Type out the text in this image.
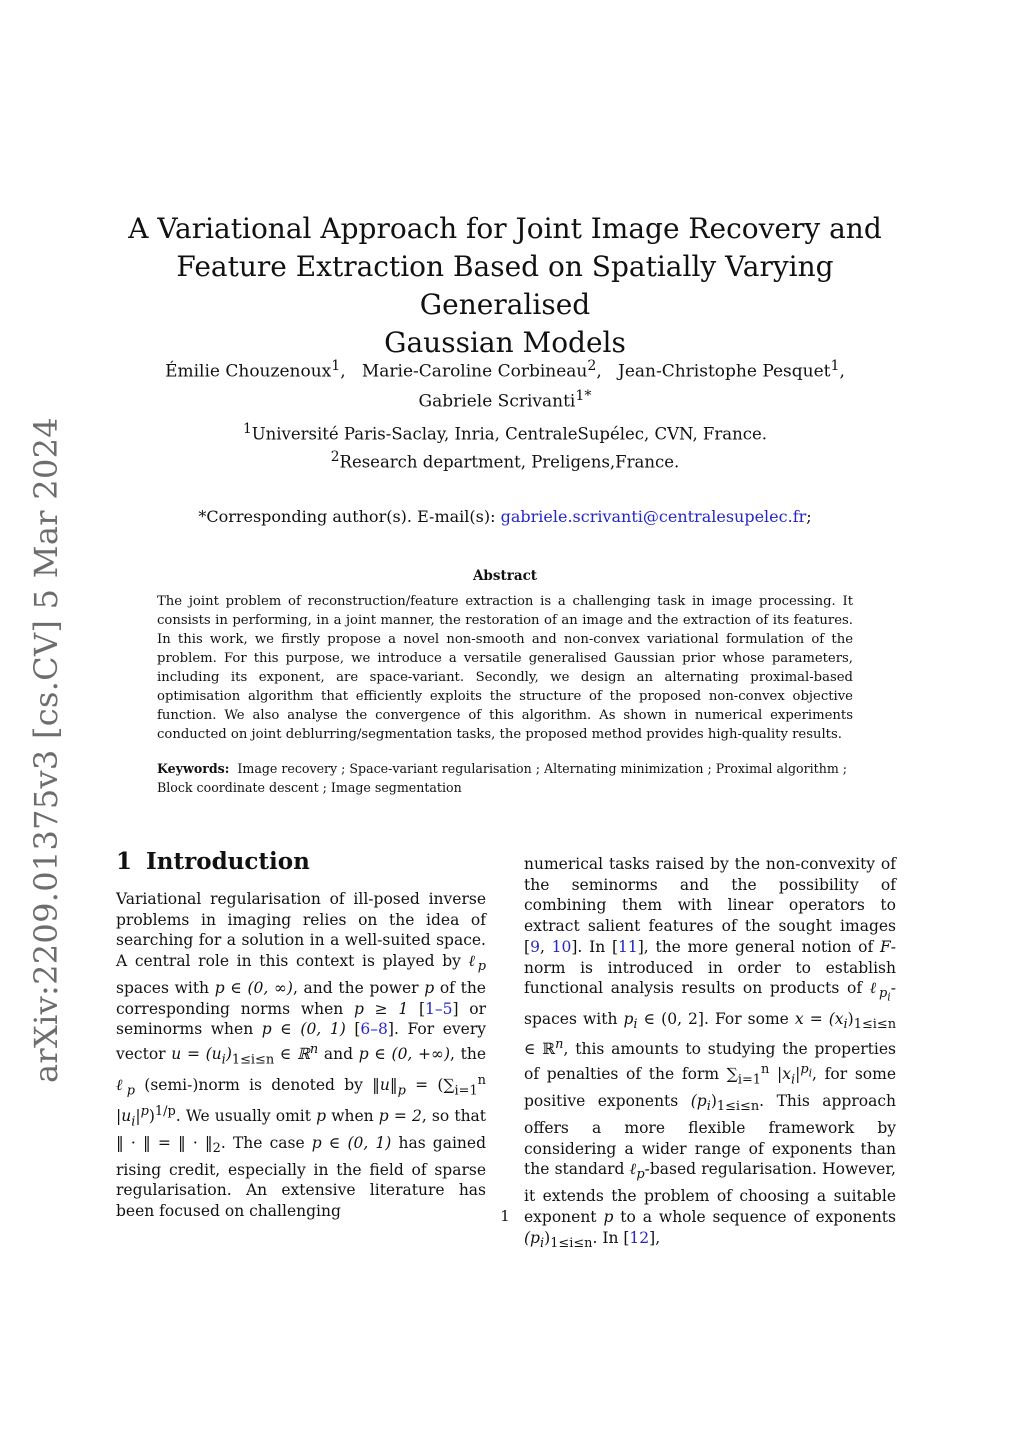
arXiv:2209.01375v3 [cs.CV] 5 Mar 2024
A Variational Approach for Joint Image Recovery and
Feature Extraction Based on Spatially Varying Generalised
Gaussian Models
Émilie Chouzenoux$^1$,   Marie-Caroline Corbineau$^2$,   Jean-Christophe Pesquet$^1$,
Gabriele Scrivanti$^{1*}$
$^1$Université Paris-Saclay, Inria, CentraleSupélec, CVN, France.
$^2$Research department, Preligens,France.
*Corresponding author(s). E-mail(s): gabriele.scrivanti@centralesupelec.fr;
Abstract
The joint problem of reconstruction/feature extraction is a challenging task in image processing. It consists in performing, in a joint manner, the restoration of an image and the extraction of its features. In this work, we firstly propose a novel non-smooth and non-convex variational formulation of the problem. For this purpose, we introduce a versatile generalised Gaussian prior whose parameters, including its exponent, are space-variant. Secondly, we design an alternating proximal-based optimisation algorithm that efficiently exploits the structure of the proposed non-convex objective function. We also analyse the convergence of this algorithm. As shown in numerical experiments conducted on joint deblurring/segmentation tasks, the proposed method provides high-quality results.
Keywords: Image recovery ; Space-variant regularisation ; Alternating minimization ; Proximal algorithm ; Block coordinate descent ; Image segmentation
1 Introduction
Variational regularisation of ill-posed inverse problems in imaging relies on the idea of searching for a solution in a well-suited space. A central role in this context is played by ℓ$_p$ spaces with p ∈ (0, ∞), and the power p of the corresponding norms when p ≥ 1 [1–5] or seminorms when p ∈ (0, 1) [6–8]. For every vector $u = (u_i)_{1\le i\le n}$ ∈ ℝ$^n$ and p ∈ (0, +∞), the ℓ$_p$ (semi-)norm is denoted by $‖u‖_p = (\sum_{i=1}^n$ $|u_i|^p)^{1/p}$. We usually omit p when p = 2, so that ‖ · ‖ = ‖ · $‖_2$. The case p ∈ (0, 1) has gained rising credit, especially in the field of sparse regularisation. An extensive literature has been focused on challenging
numerical tasks raised by the non-convexity of the seminorms and the possibility of combining them with linear operators to extract salient features of the sought images [9, 10]. In [11], the more general notion of F-norm is introduced in order to establish functional analysis results on products of ℓ$_{p_i}$-spaces with $p_i$ ∈ (0, 2]. For some $x = (x_i)_{1\le i\le n}$ ∈ ℝ$^n$, this amounts to studying the properties of penalties of the form $\sum_{i=1}^n$ $|x_i|^{p_i}$, for some positive exponents $(p_i)_{1\le i\le n}$. This approach offers a more flexible framework by considering a wider range of exponents than the standard ℓ$_p$-based regularisation. However, it extends the problem of choosing a suitable exponent p to a whole sequence of exponents $(p_i)_{1\le i\le n}$. In [12],
1
